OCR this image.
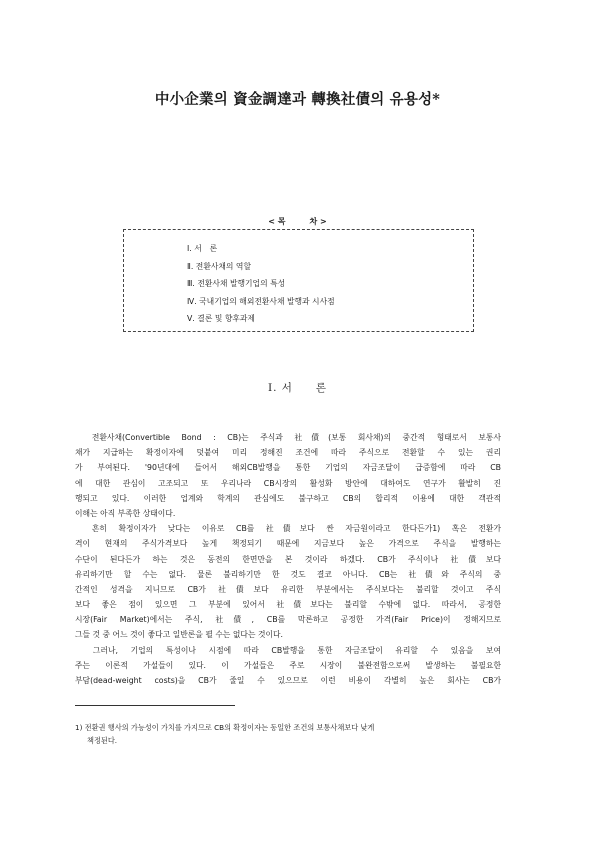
中小企業의 資金調達과 轉換社債의 유용성*
< 목　　　차 >
Ⅰ. 서　론
Ⅱ. 전환사채의 역할
Ⅲ. 전환사채 발행기업의 특성
Ⅳ. 국내기업의 해외전환사채 발행과 시사점
Ⅴ. 결론 및 향후과제
Ⅰ. 서　　론
　전환사채(Convertible Bond : CB)는 주식과 社債(보통 회사채)의 중간적 형태로서 보통사
채가 지급하는 확정이자에 덧붙여 미리 정해진 조건에 따라 주식으로 전환할 수 있는 권리
가 부여된다. '90년대에 들어서 해외CB발행을 통한 기업의 자금조달이 급증함에 따라 CB
에 대한 관심이 고조되고 또 우리나라 CB시장의 활성화 방안에 대하여도 연구가 활발히 진
행되고 있다. 이러한 업계와 학계의 관심에도 불구하고 CB의 합리적 이용에 대한 객관적
이해는 아직 부족한 상태이다.
　흔히 확정이자가 낮다는 이유로 CB를 社債보다 싼 자금원이라고 한다든가1) 혹은 전환가
격이 현재의 주식가격보다 높게 책정되기 때문에 지금보다 높은 가격으로 주식을 발행하는
수단이 된다든가 하는 것은 동전의 한면만을 본 것이라 하겠다. CB가 주식이나 社債보다
유리하기만 할 수는 없다. 물론 불리하기만 한 것도 결코 아니다. CB는 社債와 주식의 중
간적인 성격을 지니므로 CB가 社債보다 유리한 부분에서는 주식보다는 불리할 것이고 주식
보다 좋은 점이 있으면 그 부분에 있어서 社債보다는 불리할 수밖에 없다. 따라서, 공정한
시장(Fair Market)에서는 주식, 社債, CB를 막론하고 공정한 가격(Fair Price)이 정해지므로
그들 것 중 어느 것이 좋다고 일반론을 펼 수는 없다는 것이다.
　그러나, 기업의 특성이나 시점에 따라 CB발행을 통한 자금조달이 유리할 수 있음을 보여
주는 이론적 가설들이 있다. 이 가설들은 주로 시장이 불완전함으로써 발생하는 불필요한
부담(dead-weight costs)을 CB가 줄일 수 있으므로 이런 비용이 각별히 높은 회사는 CB가
1) 전환권 행사의 가능성이 가치를 가지므로 CB의 확정이자는 동일한 조건의 보통사채보다 낮게
책정된다.
